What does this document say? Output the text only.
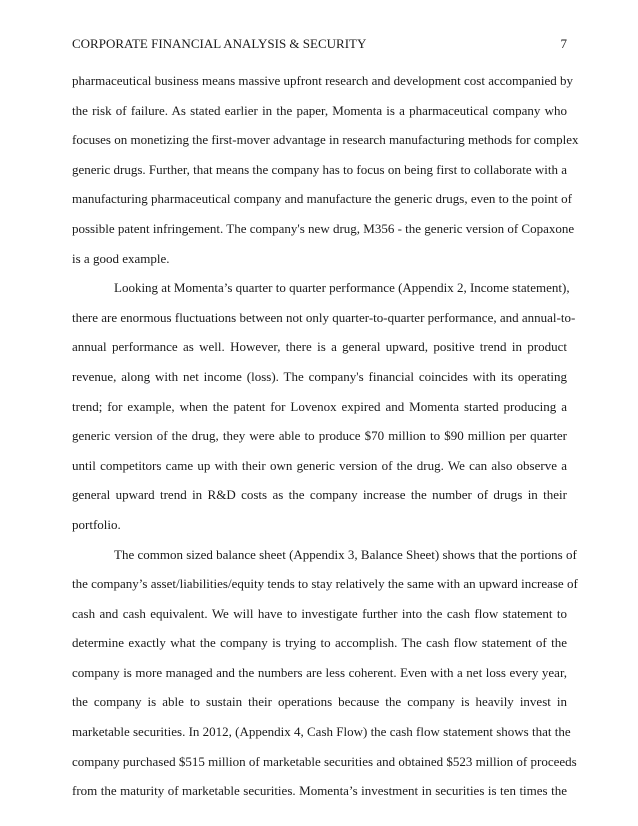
CORPORATE FINANCIAL ANALYSIS & SECURITY	7
pharmaceutical business means massive upfront research and development cost accompanied by
the risk of failure. As stated earlier in the paper, Momenta is a pharmaceutical company who
focuses on monetizing the first-mover advantage in research manufacturing methods for complex
generic drugs. Further, that means the company has to focus on being first to collaborate with a
manufacturing pharmaceutical company and manufacture the generic drugs, even to the point of
possible patent infringement. The company's new drug, M356 - the generic version of Copaxone
is a good example.
Looking at Momenta’s quarter to quarter performance (Appendix 2, Income statement),
there are enormous fluctuations between not only quarter-to-quarter performance, and annual-to-
annual performance as well. However, there is a general upward, positive trend in product
revenue, along with net income (loss). The company's financial coincides with its operating
trend; for example, when the patent for Lovenox expired and Momenta started producing a
generic version of the drug, they were able to produce $70 million to $90 million per quarter
until competitors came up with their own generic version of the drug. We can also observe a
general upward trend in R&D costs as the company increase the number of drugs in their
portfolio.
The common sized balance sheet (Appendix 3, Balance Sheet) shows that the portions of
the company’s asset/liabilities/equity tends to stay relatively the same with an upward increase of
cash and cash equivalent. We will have to investigate further into the cash flow statement to
determine exactly what the company is trying to accomplish. The cash flow statement of the
company is more managed and the numbers are less coherent. Even with a net loss every year,
the company is able to sustain their operations because the company is heavily invest in
marketable securities. In 2012, (Appendix 4, Cash Flow) the cash flow statement shows that the
company purchased $515 million of marketable securities and obtained $523 million of proceeds
from the maturity of marketable securities. Momenta’s investment in securities is ten times the
